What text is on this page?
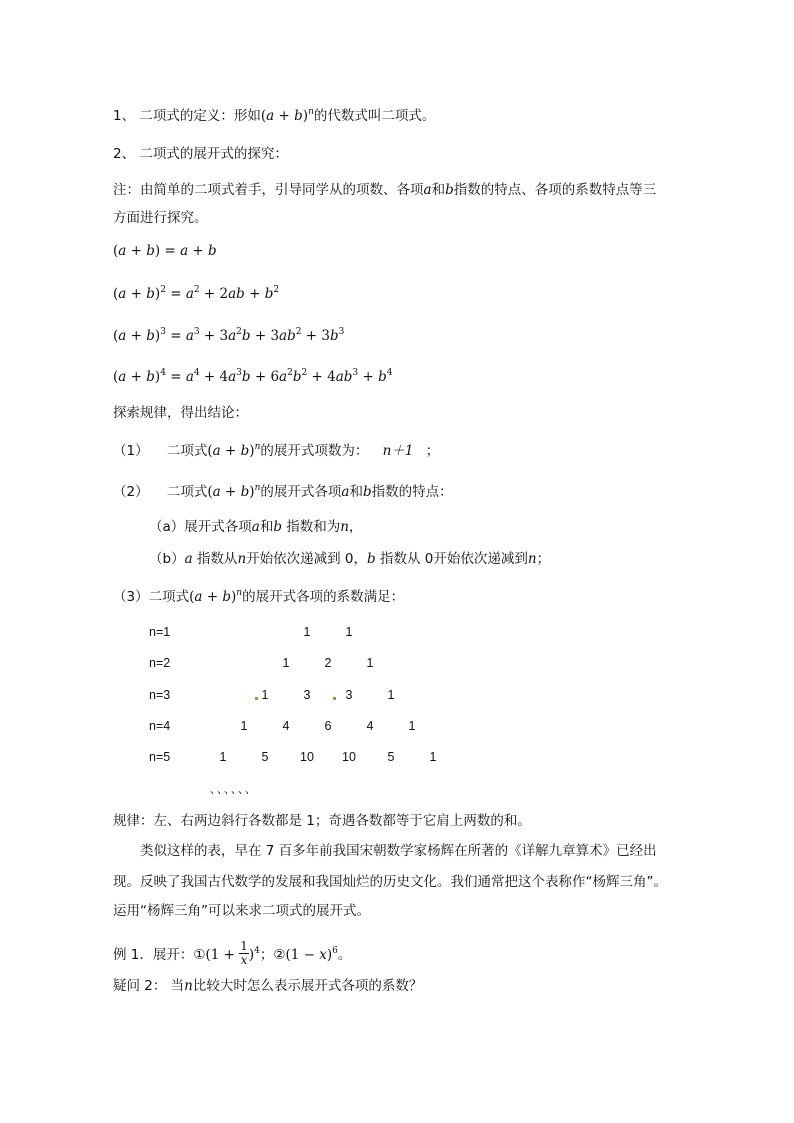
1、 二项式的定义：形如$(a + b)^n$的代数式叫二项式。
2、 二项式的展开式的探究：
注：由简单的二项式着手，引导同学从的项数、各项a和b指数的特点、各项的系数特点等三
方面进行探究。
(a + b) = a + b
$(a + b)^2 = a^2 + 2ab + b^2$
$(a + b)^3 = a^3 + 3a^2b + 3ab^2 + 3b^3$
$(a + b)^4 = a^4 + 4a^3b + 6a^2b^2 + 4ab^3 + b^4$
探索规律，得出结论：
（1） 二项式$(a + b)^n$的展开式项数为： n＋1 ；
（2） 二项式$(a + b)^n$的展开式各项a和b指数的特点：
（a）展开式各项a和b 指数和为n，
（b）a 指数从n开始依次递减到 0，b 指数从 0开始依次递减到n；
（3）二项式$(a + b)^n$的展开式各项的系数满足：
n=1	1	1
n=2	1	2	1
n=3	1	3	3	1
n=4	1	4	6	4	1
n=5	1	5	10	10	5	1
､､､､､､
规律：左、右两边斜行各数都是 1；奇遇各数都等于它肩上两数的和。
类似这样的表，早在 7 百多年前我国宋朝数学家杨辉在所著的《详解九章算术》已经出
现。反映了我国古代数学的发展和我国灿烂的历史文化。我们通常把这个表称作“杨辉三角”。
运用“杨辉三角”可以来求二项式的展开式。
例 1．展开：①(1 + $\frac{1}{x} )^4$；②(1 − x)$^6$。
疑问 2： 当n比较大时怎么表示展开式各项的系数？
